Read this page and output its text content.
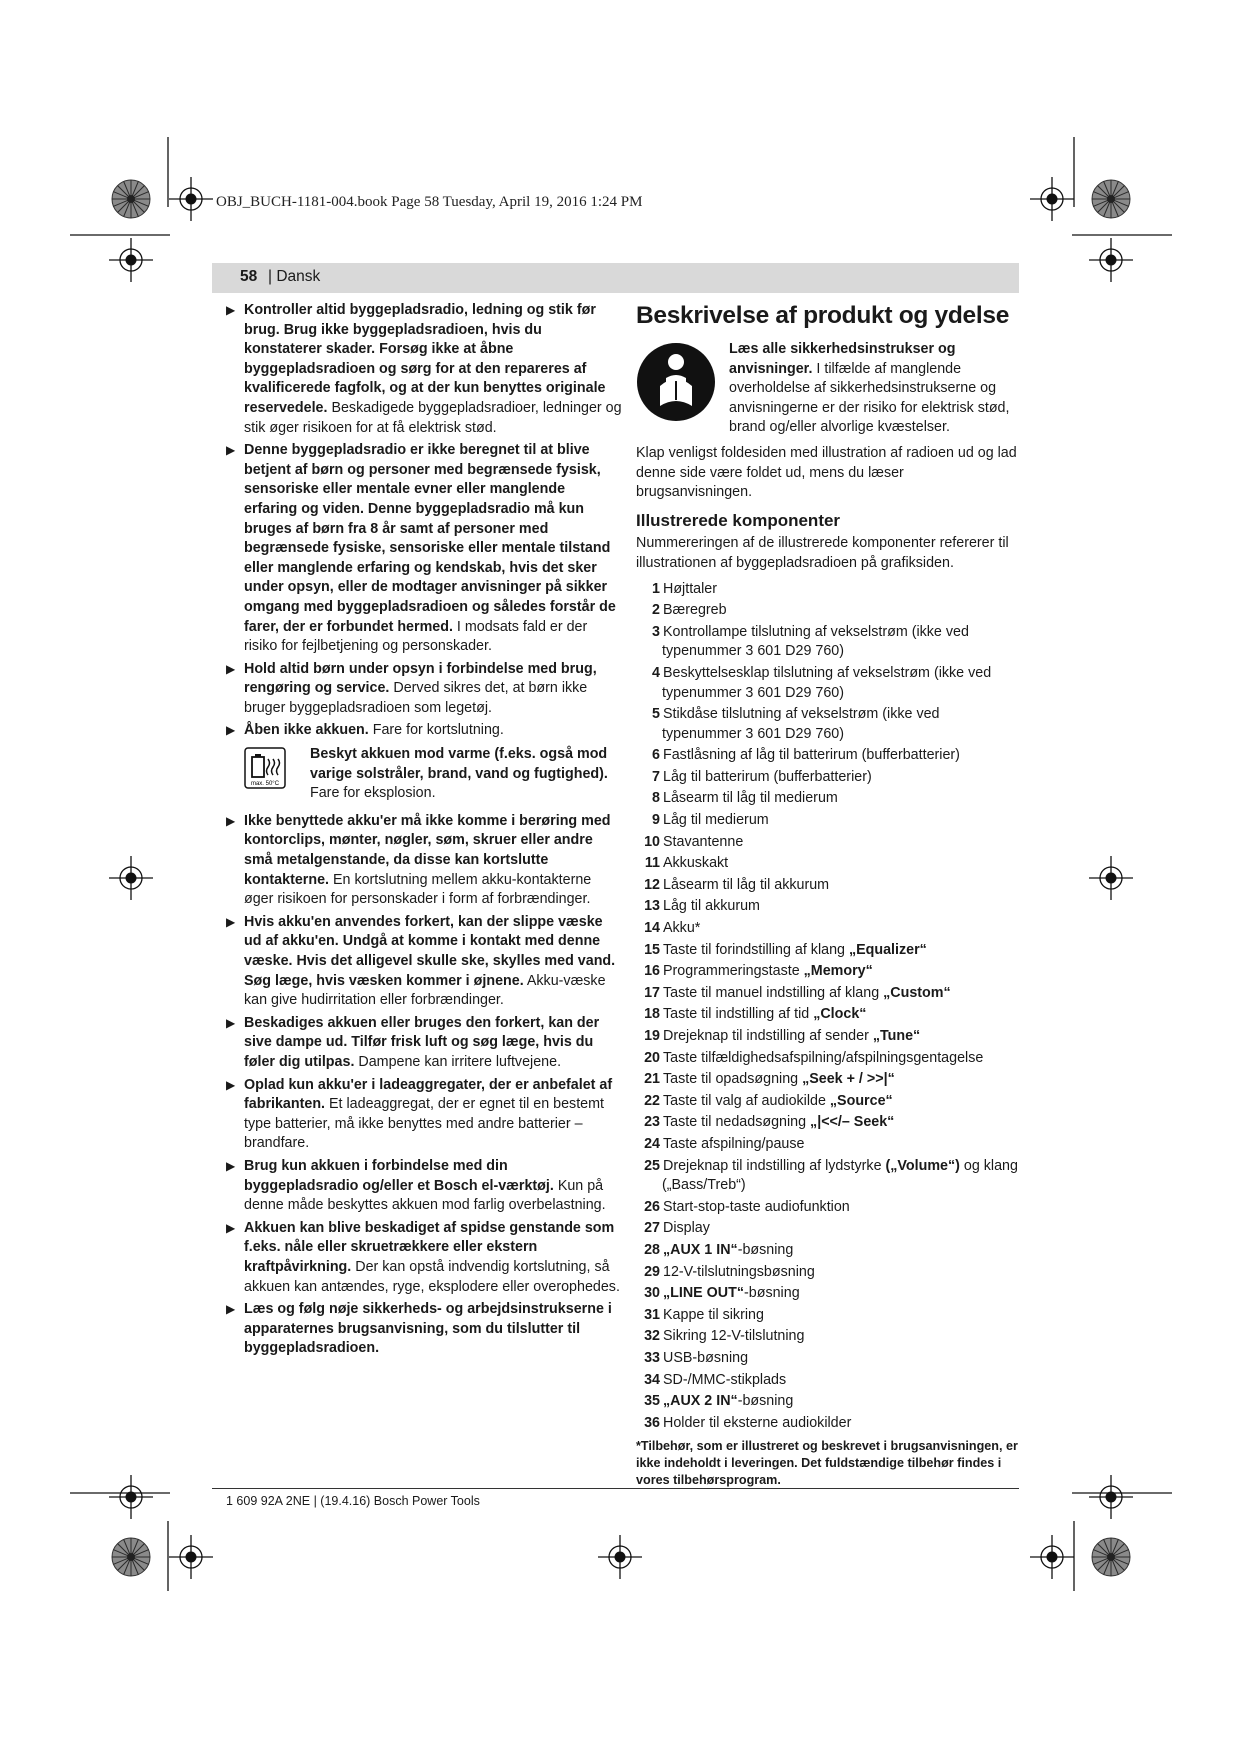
OBJ_BUCH-1181-004.book Page 58 Tuesday, April 19, 2016 1:24 PM
58 | Dansk
▶ Kontroller altid byggepladsradio, ledning og stik før brug. Brug ikke byggepladsradioen, hvis du konstaterer skader. Forsøg ikke at åbne byggepladsradioen og sørg for at den repareres af kvalificerede fagfolk, og at der kun benyttes originale reservedele. Beskadigede byggepladsradioer, ledninger og stik øger risikoen for at få elektrisk stød.
▶ Denne byggepladsradio er ikke beregnet til at blive betjent af børn og personer med begrænsede fysisk, sensoriske eller mentale evner eller manglende erfaring og viden. Denne byggepladsradio må kun bruges af børn fra 8 år samt af personer med begrænsede fysiske, sensoriske eller mentale tilstand eller manglende erfaring og kendskab, hvis det sker under opsyn, eller de modtager anvisninger på sikker omgang med byggepladsradioen og således forstår de farer, der er forbundet hermed. I modsats fald er der risiko for fejlbetjening og personskader.
▶ Hold altid børn under opsyn i forbindelse med brug, rengøring og service. Derved sikres det, at børn ikke bruger byggepladsradioen som legetøj.
▶ Åben ikke akkuen. Fare for kortslutning.
max. 50°C
Beskyt akkuen mod varme (f.eks. også mod varige solstråler, brand, vand og fugtighed). Fare for eksplosion.
▶ Ikke benyttede akku'er må ikke komme i berøring med kontorclips, mønter, nøgler, søm, skruer eller andre små metalgenstande, da disse kan kortslutte kontakterne. En kortslutning mellem akku-kontakterne øger risikoen for personskader i form af forbrændinger.
▶ Hvis akku'en anvendes forkert, kan der slippe væske ud af akku'en. Undgå at komme i kontakt med denne væske. Hvis det alligevel skulle ske, skylles med vand. Søg læge, hvis væsken kommer i øjnene. Akku-væske kan give hudirritation eller forbrændinger.
▶ Beskadiges akkuen eller bruges den forkert, kan der sive dampe ud. Tilfør frisk luft og søg læge, hvis du føler dig utilpas. Dampene kan irritere luftvejene.
▶ Oplad kun akku'er i ladeaggregater, der er anbefalet af fabrikanten. Et ladeaggregat, der er egnet til en bestemt type batterier, må ikke benyttes med andre batterier – brandfare.
▶ Brug kun akkuen i forbindelse med din byggepladsradio og/eller et Bosch el-værktøj. Kun på denne måde beskyttes akkuen mod farlig overbelastning.
▶ Akkuen kan blive beskadiget af spidse genstande som f.eks. nåle eller skruetrækkere eller ekstern kraftpåvirkning. Der kan opstå indvendig kortslutning, så akkuen kan antændes, ryge, eksplodere eller overophedes.
▶ Læs og følg nøje sikkerheds- og arbejdsinstrukserne i apparaternes brugsanvisning, som du tilslutter til byggepladsradioen.
Beskrivelse af produkt og ydelse
Læs alle sikkerhedsinstrukser og anvisninger. I tilfælde af manglende overholdelse af sikkerhedsinstrukserne og anvisningerne er der risiko for elektrisk stød, brand og/eller alvorlige kvæstelser.
Klap venligst foldesiden med illustration af radioen ud og lad denne side være foldet ud, mens du læser brugsanvisningen.
Illustrerede komponenter
Nummereringen af de illustrerede komponenter refererer til illustrationen af byggepladsradioen på grafiksiden.
1 Højttaler
2 Bæregreb
3 Kontrollampe tilslutning af vekselstrøm (ikke ved typenummer 3 601 D29 760)
4 Beskyttelsesklap tilslutning af vekselstrøm (ikke ved typenummer 3 601 D29 760)
5 Stikdåse tilslutning af vekselstrøm (ikke ved typenummer 3 601 D29 760)
6 Fastlåsning af låg til batterirum (bufferbatterier)
7 Låg til batterirum (bufferbatterier)
8 Låsearm til låg til medierum
9 Låg til medierum
10 Stavantenne
11 Akkuskakt
12 Låsearm til låg til akkurum
13 Låg til akkurum
14 Akku*
15 Taste til forindstilling af klang „Equalizer“
16 Programmeringstaste „Memory“
17 Taste til manuel indstilling af klang „Custom“
18 Taste til indstilling af tid „Clock“
19 Drejeknap til indstilling af sender „Tune“
20 Taste tilfældighedsafspilning/afspilningsgentagelse
21 Taste til opadsøgning „Seek + / >>|“
22 Taste til valg af audiokilde „Source“
23 Taste til nedadsøgning „|<</– Seek“
24 Taste afspilning/pause
25 Drejeknap til indstilling af lydstyrke („Volume“) og klang („Bass/Treb“)
26 Start-stop-taste audiofunktion
27 Display
28 „AUX 1 IN“-bøsning
29 12-V-tilslutningsbøsning
30 „LINE OUT“-bøsning
31 Kappe til sikring
32 Sikring 12-V-tilslutning
33 USB-bøsning
34 SD-/MMC-stikplads
35 „AUX 2 IN“-bøsning
36 Holder til eksterne audiokilder
*Tilbehør, som er illustreret og beskrevet i brugsanvisningen, er ikke indeholdt i leveringen. Det fuldstændige tilbehør findes i vores tilbehørsprogram.
1 609 92A 2NE | (19.4.16) Bosch Power Tools
